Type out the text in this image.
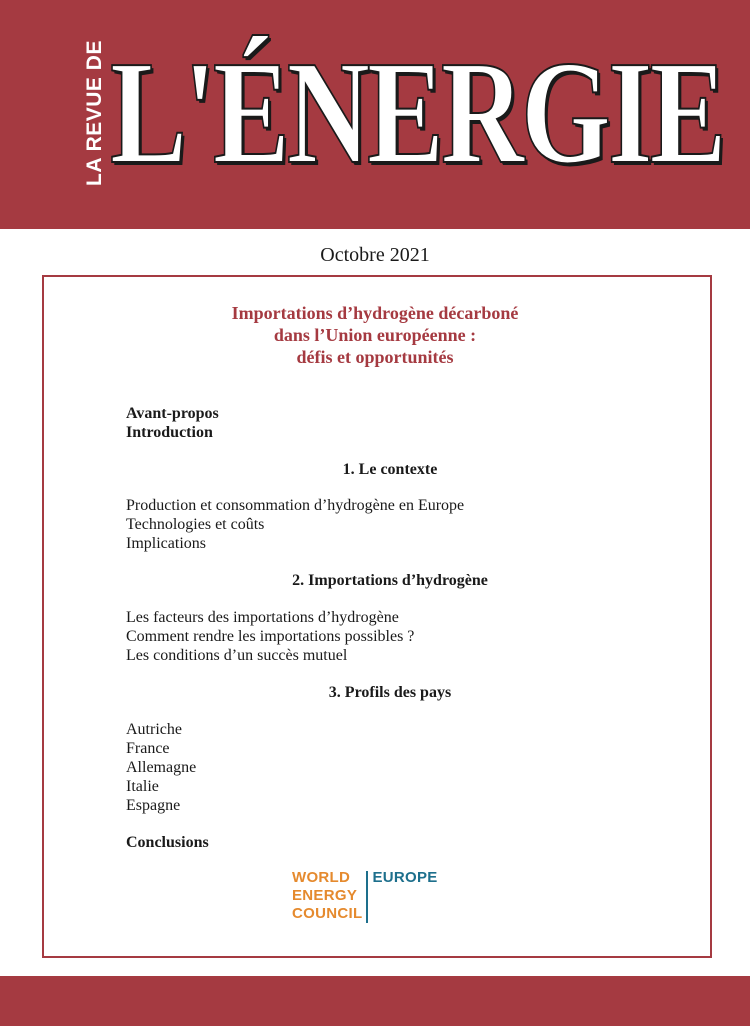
LA REVUE DE L'ÉNERGIE
Octobre 2021
Importations d’hydrogène décarboné
dans l’Union européenne :
défis et opportunités
Avant-propos
Introduction
1. Le contexte
Production et consommation d’hydrogène en Europe
Technologies et coûts
Implications
2. Importations d’hydrogène
Les facteurs des importations d’hydrogène
Comment rendre les importations possibles ?
Les conditions d’un succès mutuel
3. Profils des pays
Autriche
France
Allemagne
Italie
Espagne
Conclusions
WORLD
ENERGY
COUNCIL
EUROPE
